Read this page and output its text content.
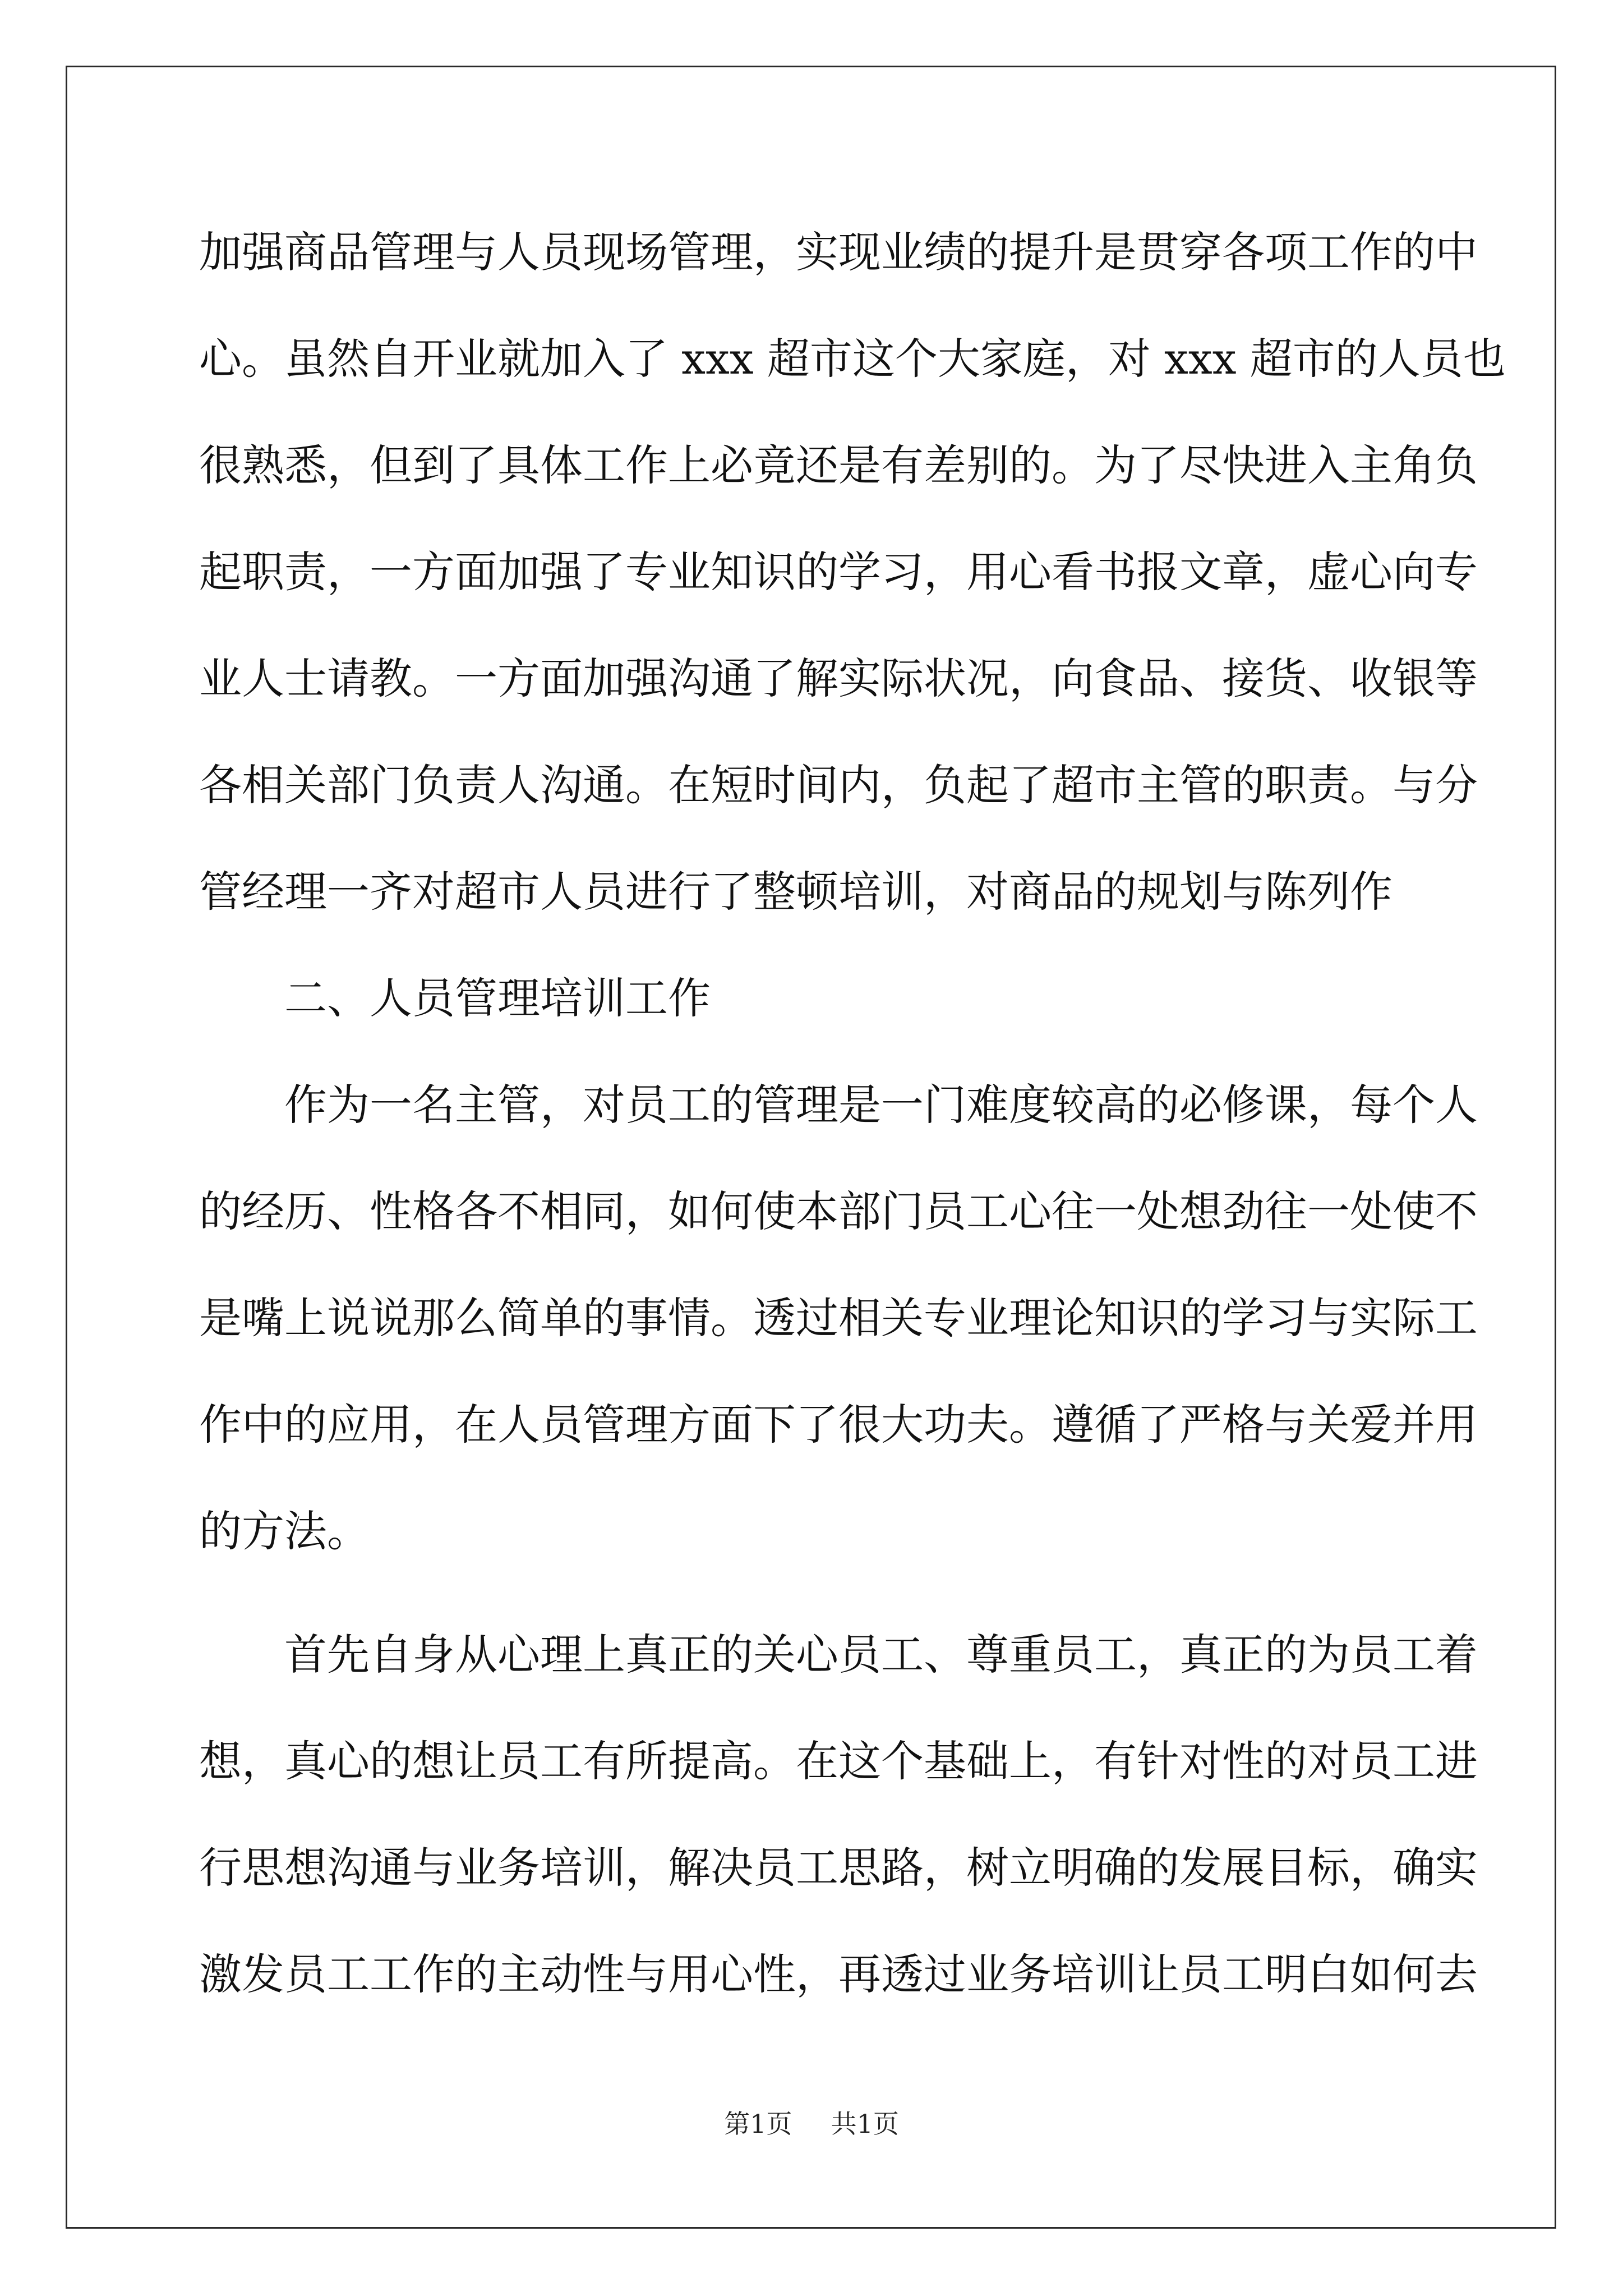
加强商品管理与人员现场管理，实现业绩的提升是贯穿各项工作的中
心。虽然自开业就加入了 xxx 超市这个大家庭，对 xxx 超市的人员也
很熟悉，但到了具体工作上必竟还是有差别的。为了尽快进入主角负
起职责，一方面加强了专业知识的学习，用心看书报文章，虚心向专
业人士请教。一方面加强沟通了解实际状况，向食品、接货、收银等
各相关部门负责人沟通。在短时间内，负起了超市主管的职责。与分
管经理一齐对超市人员进行了整顿培训，对商品的规划与陈列作
二、人员管理培训工作
作为一名主管，对员工的管理是一门难度较高的必修课，每个人
的经历、性格各不相同，如何使本部门员工心往一处想劲往一处使不
是嘴上说说那么简单的事情。透过相关专业理论知识的学习与实际工
作中的应用，在人员管理方面下了很大功夫。遵循了严格与关爱并用
的方法。
首先自身从心理上真正的关心员工、尊重员工，真正的为员工着
想，真心的想让员工有所提高。在这个基础上，有针对性的对员工进
行思想沟通与业务培训，解决员工思路，树立明确的发展目标，确实
激发员工工作的主动性与用心性，再透过业务培训让员工明白如何去
第1页 共1页
